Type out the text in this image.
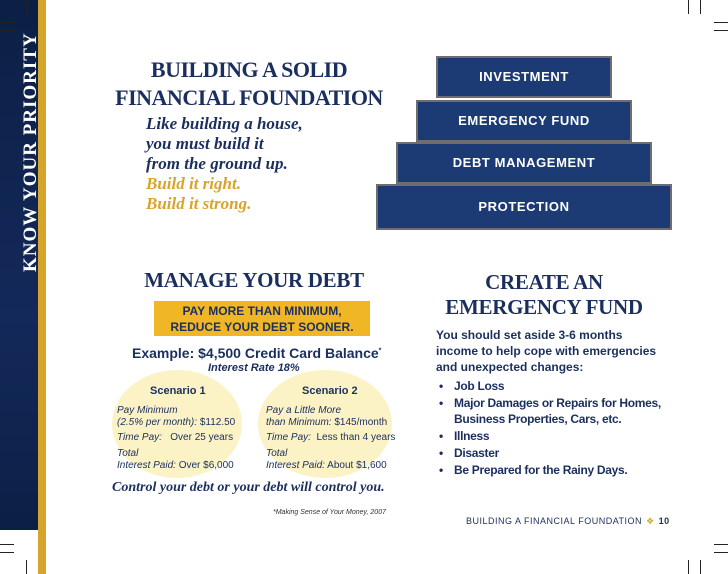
KNOW YOUR PRIORITY	BUILDING A SOLID
FINANCIAL FOUNDATION
Like building a house,
you must build it
from the ground up.
Build it right.
Build it strong.
INVESTMENT
EMERGENCY FUND
DEBT MANAGEMENT
PROTECTION
MANAGE YOUR DEBT
PAY MORE THAN MINIMUM,
REDUCE YOUR DEBT SOONER.
Example: $4,500 Credit Card Balance*
Interest Rate 18%
Scenario 1
Pay Minimum
(2.5% per month): $112.50
Time Pay: Over 25 years
Total
Interest Paid: Over $6,000
Scenario 2
Pay a Little More
than Minimum: $145/month
Time Pay: Less than 4 years
Total
Interest Paid: About $1,600
Control your debt or your debt will control you.
*Making Sense of Your Money, 2007
CREATE AN
EMERGENCY FUND
You should set aside 3-6 months
income to help cope with emergencies
and unexpected changes:
• Job Loss
• Major Damages or Repairs for Homes,
Business Properties, Cars, etc.
• Illness
• Disaster
• Be Prepared for the Rainy Days.
BUILDING A FINANCIAL FOUNDATION ❖ 10
